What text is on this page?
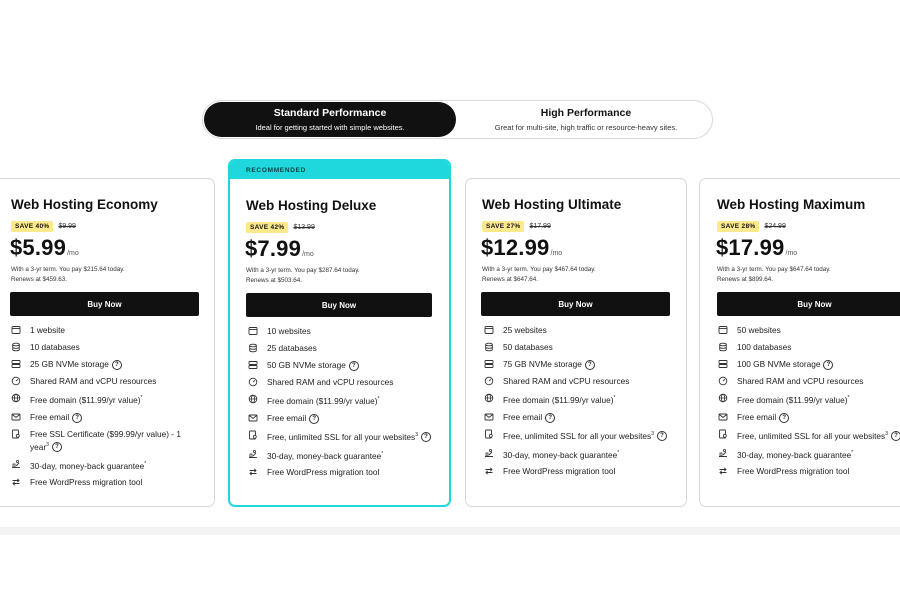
Standard Performance
Ideal for getting started with simple websites.
High Performance
Great for multi-site, high traffic or resource-heavy sites.
Web Hosting Economy
SAVE 40%	$9.99
$5.99 /mo
With a 3-yr term. You pay $215.64 today.
Renews at $459.63.
Buy Now
1 website
10 databases
25 GB NVMe storage ?
Shared RAM and vCPU resources
Free domain ($11.99/yr value)*
Free email ?
Free SSL Certificate ($99.99/yr value) - 1
year$^3$ ?
30-day, money-back guarantee*
Free WordPress migration tool
RECOMMENDED
Web Hosting Deluxe
SAVE 42%	$13.99
$7.99 /mo
With a 3-yr term. You pay $287.64 today.
Renews at $503.64.
Buy Now
10 websites
25 databases
50 GB NVMe storage ?
Shared RAM and vCPU resources
Free domain ($11.99/yr value)*
Free email ?
Free, unlimited SSL for all your websites$^3$ ?
30-day, money-back guarantee*
Free WordPress migration tool
Web Hosting Ultimate
SAVE 27%	$17.99
$12.99 /mo
With a 3-yr term. You pay $467.64 today.
Renews at $647.64.
Buy Now
25 websites
50 databases
75 GB NVMe storage ?
Shared RAM and vCPU resources
Free domain ($11.99/yr value)*
Free email ?
Free, unlimited SSL for all your websites$^3$ ?
30-day, money-back guarantee*
Free WordPress migration tool
Web Hosting Maximum
SAVE 28%	$24.99
$17.99 /mo
With a 3-yr term. You pay $647.64 today.
Renews at $899.64.
Buy Now
50 websites
100 databases
100 GB NVMe storage ?
Shared RAM and vCPU resources
Free domain ($11.99/yr value)*
Free email ?
Free, unlimited SSL for all your websites$^3$ ?
30-day, money-back guarantee*
Free WordPress migration tool
